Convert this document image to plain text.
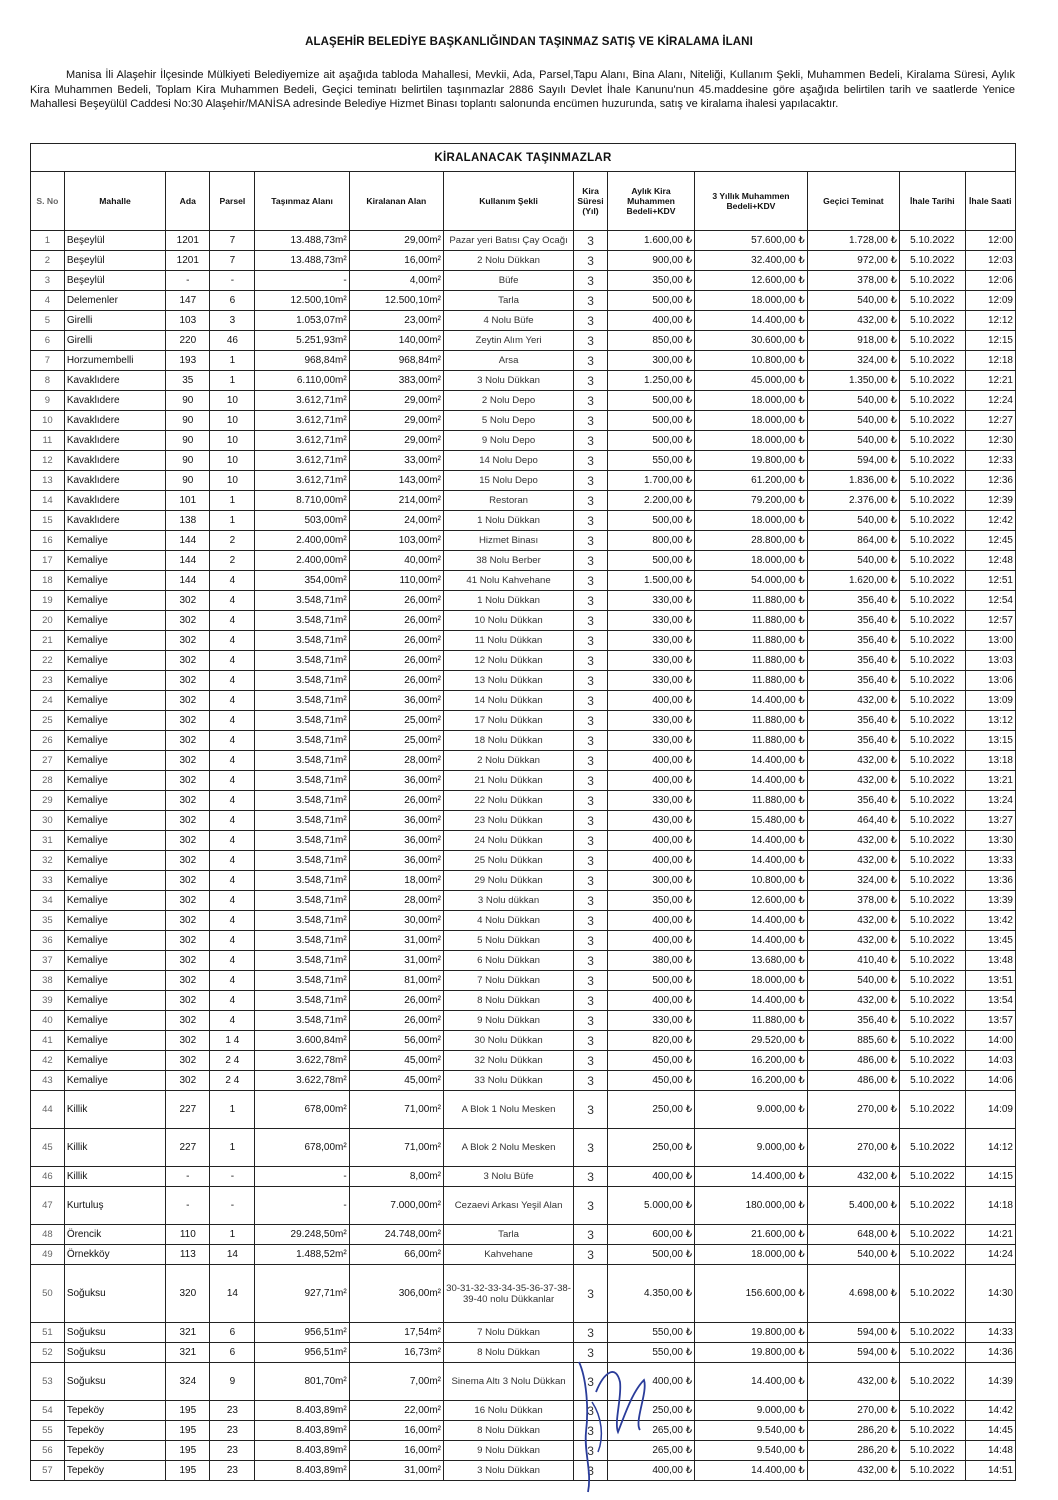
ALAŞEHİR BELEDİYE BAŞKANLIĞINDAN TAŞINMAZ SATIŞ VE KİRALAMA İLANI
Manisa İli Alaşehir İlçesinde Mülkiyeti Belediyemize ait aşağıda tabloda Mahallesi, Mevkii, Ada, Parsel,Tapu Alanı, Bina Alanı, Niteliği, Kullanım Şekli, Muhammen Bedeli, Kiralama Süresi, Aylık Kira Muhammen Bedeli, Toplam Kira Muhammen Bedeli, Geçici teminatı belirtilen taşınmazlar 2886 Sayılı Devlet İhale Kanunu'nun 45.maddesine göre aşağıda belirtilen tarih ve saatlerde Yenice Mahallesi Beşeyülül Caddesi No:30 Alaşehir/MANİSA adresinde Belediye Hizmet Binası toplantı salonunda encümen huzurunda, satış ve kiralama ihalesi yapılacaktır.
KİRALANACAK TAŞINMAZLAR												
S. No	Mahalle	Ada	Parsel	Taşınmaz Alanı	Kiralanan Alan	Kullanım Şekli	Kira Süresi (Yıl)	Aylık Kira Muhammen Bedeli+KDV	3 Yıllık Muhammen Bedeli+KDV	Geçici Teminat	İhale Tarihi	İhale Saati
1	Beşeylül	1201	7	13.488,73m²	29,00m²	Pazar yeri Batısı Çay Ocağı	3	1.600,00 ₺	57.600,00 ₺	1.728,00 ₺	5.10.2022	12:00
2	Beşeylül	1201	7	13.488,73m²	16,00m²	2 Nolu Dükkan	3	900,00 ₺	32.400,00 ₺	972,00 ₺	5.10.2022	12:03
3	Beşeylül	-	-	-	4,00m²	Büfe	3	350,00 ₺	12.600,00 ₺	378,00 ₺	5.10.2022	12:06
4	Delemenler	147	6	12.500,10m²	12.500,10m²	Tarla	3	500,00 ₺	18.000,00 ₺	540,00 ₺	5.10.2022	12:09
5	Girelli	103	3	1.053,07m²	23,00m²	4 Nolu Büfe	3	400,00 ₺	14.400,00 ₺	432,00 ₺	5.10.2022	12:12
6	Girelli	220	46	5.251,93m²	140,00m²	Zeytin Alım Yeri	3	850,00 ₺	30.600,00 ₺	918,00 ₺	5.10.2022	12:15
7	Horzumembelli	193	1	968,84m²	968,84m²	Arsa	3	300,00 ₺	10.800,00 ₺	324,00 ₺	5.10.2022	12:18
8	Kavaklıdere	35	1	6.110,00m²	383,00m²	3 Nolu Dükkan	3	1.250,00 ₺	45.000,00 ₺	1.350,00 ₺	5.10.2022	12:21
9	Kavaklıdere	90	10	3.612,71m²	29,00m²	2 Nolu Depo	3	500,00 ₺	18.000,00 ₺	540,00 ₺	5.10.2022	12:24
10	Kavaklıdere	90	10	3.612,71m²	29,00m²	5 Nolu Depo	3	500,00 ₺	18.000,00 ₺	540,00 ₺	5.10.2022	12:27
11	Kavaklıdere	90	10	3.612,71m²	29,00m²	9 Nolu Depo	3	500,00 ₺	18.000,00 ₺	540,00 ₺	5.10.2022	12:30
12	Kavaklıdere	90	10	3.612,71m²	33,00m²	14 Nolu Depo	3	550,00 ₺	19.800,00 ₺	594,00 ₺	5.10.2022	12:33
13	Kavaklıdere	90	10	3.612,71m²	143,00m²	15 Nolu Depo	3	1.700,00 ₺	61.200,00 ₺	1.836,00 ₺	5.10.2022	12:36
14	Kavaklıdere	101	1	8.710,00m²	214,00m²	Restoran	3	2.200,00 ₺	79.200,00 ₺	2.376,00 ₺	5.10.2022	12:39
15	Kavaklıdere	138	1	503,00m²	24,00m²	1 Nolu Dükkan	3	500,00 ₺	18.000,00 ₺	540,00 ₺	5.10.2022	12:42
16	Kemaliye	144	2	2.400,00m²	103,00m²	Hizmet Binası	3	800,00 ₺	28.800,00 ₺	864,00 ₺	5.10.2022	12:45
17	Kemaliye	144	2	2.400,00m²	40,00m²	38 Nolu Berber	3	500,00 ₺	18.000,00 ₺	540,00 ₺	5.10.2022	12:48
18	Kemaliye	144	4	354,00m²	110,00m²	41 Nolu Kahvehane	3	1.500,00 ₺	54.000,00 ₺	1.620,00 ₺	5.10.2022	12:51
19	Kemaliye	302	4	3.548,71m²	26,00m²	1 Nolu Dükkan	3	330,00 ₺	11.880,00 ₺	356,40 ₺	5.10.2022	12:54
20	Kemaliye	302	4	3.548,71m²	26,00m²	10 Nolu Dükkan	3	330,00 ₺	11.880,00 ₺	356,40 ₺	5.10.2022	12:57
21	Kemaliye	302	4	3.548,71m²	26,00m²	11 Nolu Dükkan	3	330,00 ₺	11.880,00 ₺	356,40 ₺	5.10.2022	13:00
22	Kemaliye	302	4	3.548,71m²	26,00m²	12 Nolu Dükkan	3	330,00 ₺	11.880,00 ₺	356,40 ₺	5.10.2022	13:03
23	Kemaliye	302	4	3.548,71m²	26,00m²	13 Nolu Dükkan	3	330,00 ₺	11.880,00 ₺	356,40 ₺	5.10.2022	13:06
24	Kemaliye	302	4	3.548,71m²	36,00m²	14 Nolu Dükkan	3	400,00 ₺	14.400,00 ₺	432,00 ₺	5.10.2022	13:09
25	Kemaliye	302	4	3.548,71m²	25,00m²	17 Nolu Dükkan	3	330,00 ₺	11.880,00 ₺	356,40 ₺	5.10.2022	13:12
26	Kemaliye	302	4	3.548,71m²	25,00m²	18 Nolu Dükkan	3	330,00 ₺	11.880,00 ₺	356,40 ₺	5.10.2022	13:15
27	Kemaliye	302	4	3.548,71m²	28,00m²	2 Nolu Dükkan	3	400,00 ₺	14.400,00 ₺	432,00 ₺	5.10.2022	13:18
28	Kemaliye	302	4	3.548,71m²	36,00m²	21 Nolu Dükkan	3	400,00 ₺	14.400,00 ₺	432,00 ₺	5.10.2022	13:21
29	Kemaliye	302	4	3.548,71m²	26,00m²	22 Nolu Dükkan	3	330,00 ₺	11.880,00 ₺	356,40 ₺	5.10.2022	13:24
30	Kemaliye	302	4	3.548,71m²	36,00m²	23 Nolu Dükkan	3	430,00 ₺	15.480,00 ₺	464,40 ₺	5.10.2022	13:27
31	Kemaliye	302	4	3.548,71m²	36,00m²	24 Nolu Dükkan	3	400,00 ₺	14.400,00 ₺	432,00 ₺	5.10.2022	13:30
32	Kemaliye	302	4	3.548,71m²	36,00m²	25 Nolu Dükkan	3	400,00 ₺	14.400,00 ₺	432,00 ₺	5.10.2022	13:33
33	Kemaliye	302	4	3.548,71m²	18,00m²	29 Nolu Dükkan	3	300,00 ₺	10.800,00 ₺	324,00 ₺	5.10.2022	13:36
34	Kemaliye	302	4	3.548,71m²	28,00m²	3 Nolu dükkan	3	350,00 ₺	12.600,00 ₺	378,00 ₺	5.10.2022	13:39
35	Kemaliye	302	4	3.548,71m²	30,00m²	4 Nolu Dükkan	3	400,00 ₺	14.400,00 ₺	432,00 ₺	5.10.2022	13:42
36	Kemaliye	302	4	3.548,71m²	31,00m²	5 Nolu Dükkan	3	400,00 ₺	14.400,00 ₺	432,00 ₺	5.10.2022	13:45
37	Kemaliye	302	4	3.548,71m²	31,00m²	6 Nolu Dükkan	3	380,00 ₺	13.680,00 ₺	410,40 ₺	5.10.2022	13:48
38	Kemaliye	302	4	3.548,71m²	81,00m²	7 Nolu Dükkan	3	500,00 ₺	18.000,00 ₺	540,00 ₺	5.10.2022	13:51
39	Kemaliye	302	4	3.548,71m²	26,00m²	8 Nolu Dükkan	3	400,00 ₺	14.400,00 ₺	432,00 ₺	5.10.2022	13:54
40	Kemaliye	302	4	3.548,71m²	26,00m²	9 Nolu Dükkan	3	330,00 ₺	11.880,00 ₺	356,40 ₺	5.10.2022	13:57
41	Kemaliye	302	1 4	3.600,84m²	56,00m²	30 Nolu Dükkan	3	820,00 ₺	29.520,00 ₺	885,60 ₺	5.10.2022	14:00
42	Kemaliye	302	2 4	3.622,78m²	45,00m²	32 Nolu Dükkan	3	450,00 ₺	16.200,00 ₺	486,00 ₺	5.10.2022	14:03
43	Kemaliye	302	2 4	3.622,78m²	45,00m²	33 Nolu Dükkan	3	450,00 ₺	16.200,00 ₺	486,00 ₺	5.10.2022	14:06
44	Killik	227	1	678,00m²	71,00m²	A Blok 1 Nolu Mesken	3	250,00 ₺	9.000,00 ₺	270,00 ₺	5.10.2022	14:09
45	Killik	227	1	678,00m²	71,00m²	A Blok 2 Nolu Mesken	3	250,00 ₺	9.000,00 ₺	270,00 ₺	5.10.2022	14:12
46	Killik	-	-	-	8,00m²	3 Nolu Büfe	3	400,00 ₺	14.400,00 ₺	432,00 ₺	5.10.2022	14:15
47	Kurtuluş	-	-	-	7.000,00m²	Cezaevi Arkası Yeşil Alan	3	5.000,00 ₺	180.000,00 ₺	5.400,00 ₺	5.10.2022	14:18
48	Örencik	110	1	29.248,50m²	24.748,00m²	Tarla	3	600,00 ₺	21.600,00 ₺	648,00 ₺	5.10.2022	14:21
49	Örnekköy	113	14	1.488,52m²	66,00m²	Kahvehane	3	500,00 ₺	18.000,00 ₺	540,00 ₺	5.10.2022	14:24
50	Soğuksu	320	14	927,71m²	306,00m²	30-31-32-33-34-35-36-37-38-39-40 nolu Dükkanlar	3	4.350,00 ₺	156.600,00 ₺	4.698,00 ₺	5.10.2022	14:30
51	Soğuksu	321	6	956,51m²	17,54m²	7 Nolu Dükkan	3	550,00 ₺	19.800,00 ₺	594,00 ₺	5.10.2022	14:33
52	Soğuksu	321	6	956,51m²	16,73m²	8 Nolu Dükkan	3	550,00 ₺	19.800,00 ₺	594,00 ₺	5.10.2022	14:36
53	Soğuksu	324	9	801,70m²	7,00m²	Sinema Altı 3 Nolu Dükkan	3	400,00 ₺	14.400,00 ₺	432,00 ₺	5.10.2022	14:39
54	Tepeköy	195	23	8.403,89m²	22,00m²	16 Nolu Dükkan	3	250,00 ₺	9.000,00 ₺	270,00 ₺	5.10.2022	14:42
55	Tepeköy	195	23	8.403,89m²	16,00m²	8 Nolu Dükkan	3	265,00 ₺	9.540,00 ₺	286,20 ₺	5.10.2022	14:45
56	Tepeköy	195	23	8.403,89m²	16,00m²	9 Nolu Dükkan	3	265,00 ₺	9.540,00 ₺	286,20 ₺	5.10.2022	14:48
57	Tepeköy	195	23	8.403,89m²	31,00m²	3 Nolu Dükkan	3	400,00 ₺	14.400,00 ₺	432,00 ₺	5.10.2022	14:51
